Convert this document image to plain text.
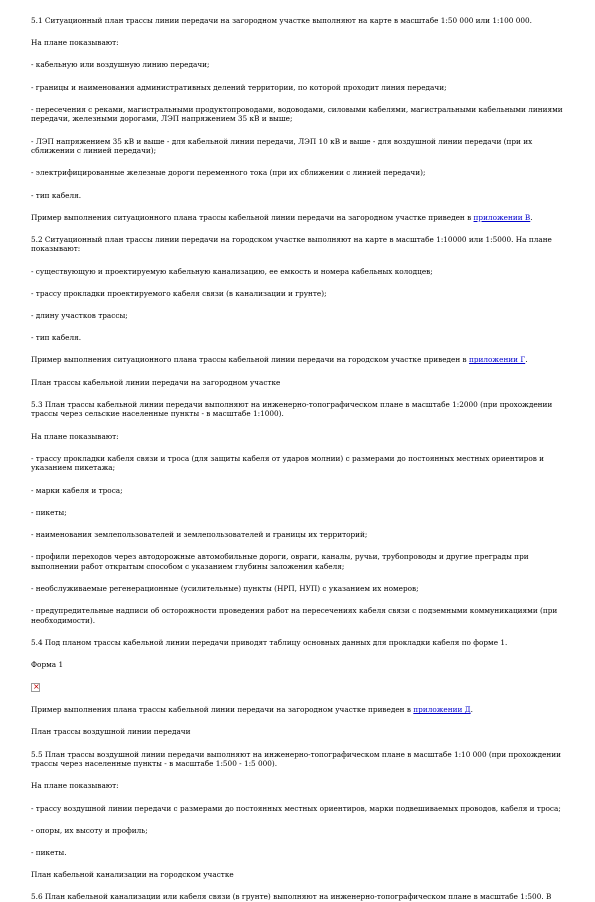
5.1 Ситуационный план трассы линии передачи на загородном участке выполняют на карте в масштабе 1:50 000 или 1:100 000.

На плане показывают:

- кабельную или воздушную линию передачи;

- границы и наименования административных делений территории, по которой проходит линия передачи;

- пересечения с реками, магистральными продуктопроводами, водоводами, силовыми кабелями, магистральными кабельными линиями передачи, железными дорогами, ЛЭП напряжением 35 кВ и выше;

- ЛЭП напряжением 35 кВ и выше - для кабельной линии передачи, ЛЭП 10 кВ и выше - для воздушной линии передачи (при их сближении с линией передачи);

- электрифицированные железные дороги переменного тока (при их сближении с линией передачи);

- тип кабеля.

Пример выполнения ситуационного плана трассы кабельной линии передачи на загородном участке приведен в приложении В.

5.2 Ситуационный план трассы линии передачи на городском участке выполняют на карте в масштабе 1:10000 или 1:5000. На плане показывают:

- существующую и проектируемую кабельную канализацию, ее емкость и номера кабельных колодцев;

- трассу прокладки проектируемого кабеля связи (в канализации и грунте);

- длину участков трассы;

- тип кабеля.

Пример выполнения ситуационного плана трассы кабельной линии передачи на городском участке приведен в приложении Г.

План трассы кабельной линии передачи на загородном участке

5.3 План трассы кабельной линии передачи выполняют на инженерно-топографическом плане в масштабе 1:2000 (при прохождении трассы через сельские населенные пункты - в масштабе 1:1000).

На плане показывают:

- трассу прокладки кабеля связи и троса (для защиты кабеля от ударов молнии) с размерами до постоянных местных ориентиров и указанием пикетажа;

- марки кабеля и троса;

- пикеты;

- наименования землепользователей и землепользователей и границы их территорий;

- профили переходов через автодорожные автомобильные дороги, овраги, каналы, ручьи, трубопроводы и другие преграды при выполнении работ открытым способом с указанием глубины заложения кабеля;

- необслуживаемые регенерационные (усилительные) пункты (НРП, НУП) с указанием их номеров;

- предупредительные надписи об осторожности проведения работ на пересечениях кабеля связи с подземными коммуникациями (при необходимости).

5.4 Под планом трассы кабельной линии передачи приводят таблицу основных данных для прокладки кабеля по форме 1.

Форма 1

×

Пример выполнения плана трассы кабельной линии передачи на загородном участке приведен в приложении Д.

План трассы воздушной линии передачи

5.5 План трассы воздушной линии передачи выполняют на инженерно-топографическом плане в масштабе 1:10 000 (при прохождении трассы через населенные пункты - в масштабе 1:500 - 1:5 000).

На плане показывают:

- трассу воздушной линии передачи с размерами до постоянных местных ориентиров, марки подвешиваемых проводов, кабеля и троса;

- опоры, их высоту и профиль;

- пикеты.

План кабельной канализации на городском участке

5.6 План кабельной канализации или кабеля связи (в грунте) выполняют на инженерно-топографическом плане в масштабе 1:500. В
